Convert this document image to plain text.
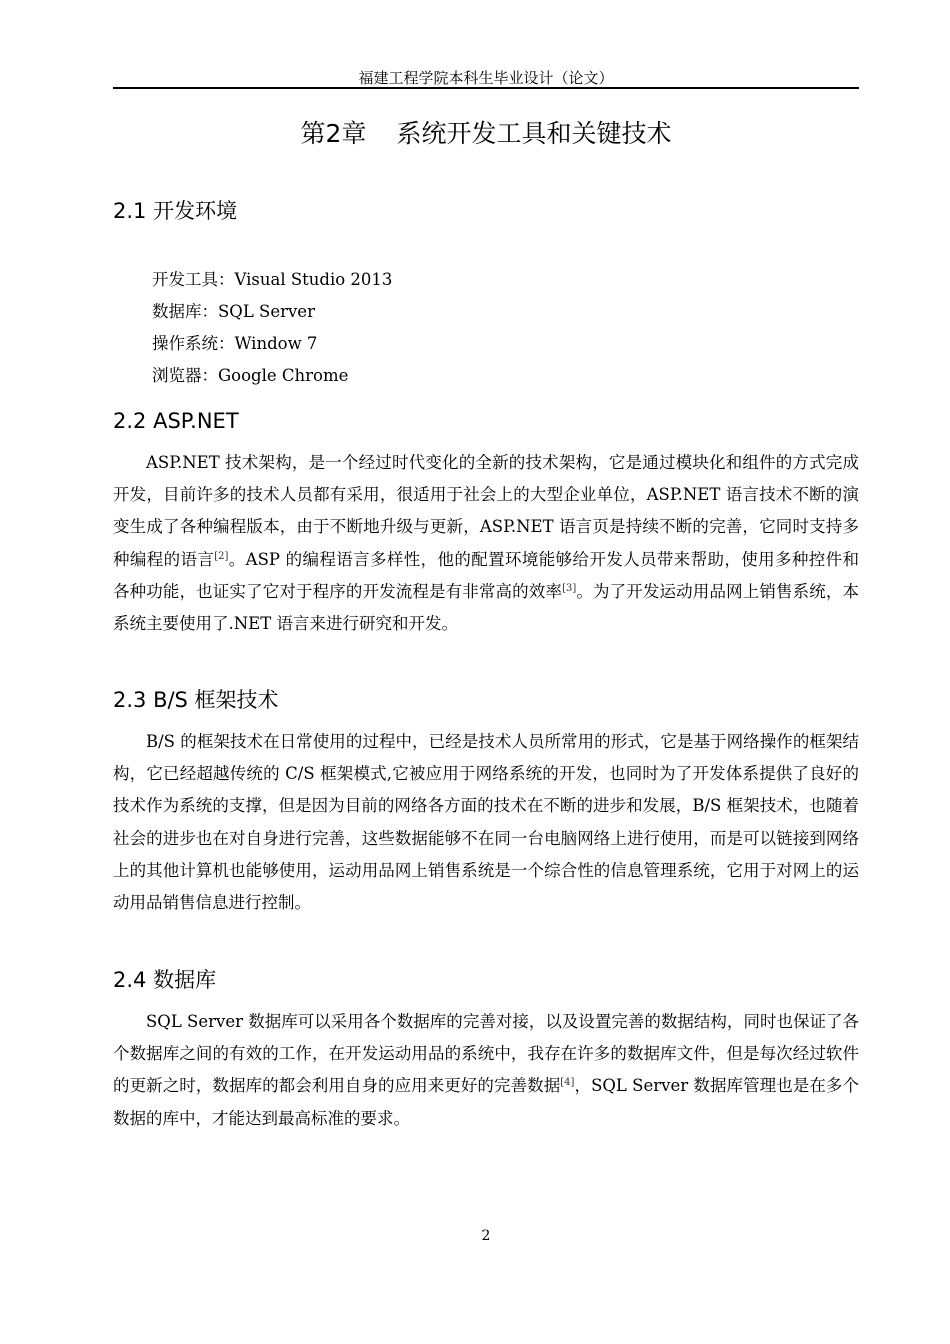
福建工程学院本科生毕业设计（论文）
第2章 系统开发工具和关键技术
2.1 开发环境
开发工具：Visual Studio 2013
数据库：SQL Server
操作系统：Window 7
浏览器：Google Chrome
2.2 ASP.NET
ASP.NET 技术架构，是一个经过时代变化的全新的技术架构，它是通过模块化和组件的方式完成开发，目前许多的技术人员都有采用，很适用于社会上的大型企业单位，ASP.NET 语言技术不断的演变生成了各种编程版本，由于不断地升级与更新，ASP.NET 语言页是持续不断的完善，它同时支持多种编程的语言[2]。ASP 的编程语言多样性，他的配置环境能够给开发人员带来帮助，使用多种控件和各种功能，也证实了它对于程序的开发流程是有非常高的效率[3]。为了开发运动用品网上销售系统，本系统主要使用了.NET 语言来进行研究和开发。
2.3 B/S 框架技术
B/S 的框架技术在日常使用的过程中，已经是技术人员所常用的形式，它是基于网络操作的框架结构，它已经超越传统的 C/S 框架模式,它被应用于网络系统的开发，也同时为了开发体系提供了良好的技术作为系统的支撑，但是因为目前的网络各方面的技术在不断的进步和发展，B/S 框架技术，也随着社会的进步也在对自身进行完善，这些数据能够不在同一台电脑网络上进行使用，而是可以链接到网络上的其他计算机也能够使用，运动用品网上销售系统是一个综合性的信息管理系统，它用于对网上的运动用品销售信息进行控制。
2.4 数据库
SQL Server 数据库可以采用各个数据库的完善对接，以及设置完善的数据结构，同时也保证了各个数据库之间的有效的工作，在开发运动用品的系统中，我存在许多的数据库文件，但是每次经过软件的更新之时，数据库的都会利用自身的应用来更好的完善数据[4]，SQL Server 数据库管理也是在多个数据的库中，才能达到最高标准的要求。
2
